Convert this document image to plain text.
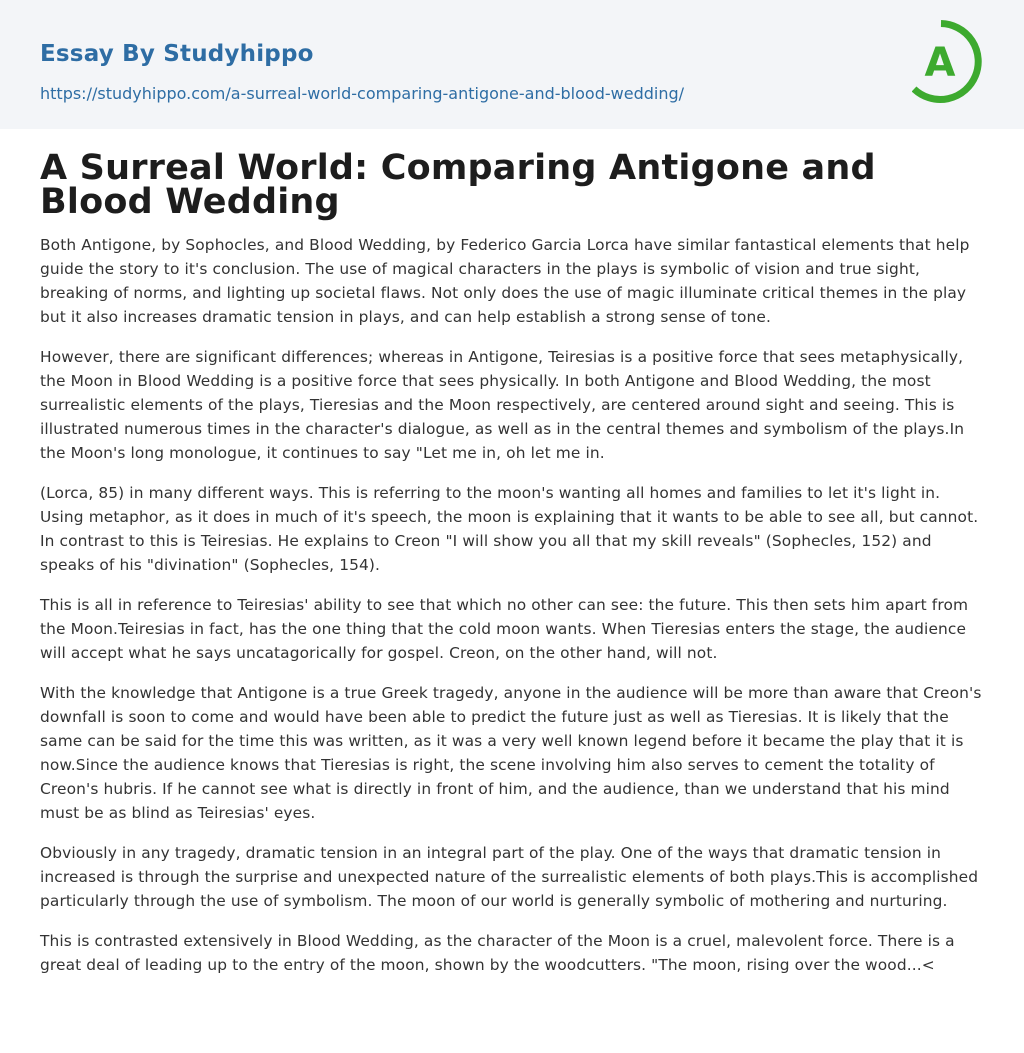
Essay By Studyhippo
https://studyhippo.com/a-surreal-world-comparing-antigone-and-blood-wedding/
A
A Surreal World: Comparing Antigone and Blood Wedding

Both Antigone, by Sophocles, and Blood Wedding, by Federico Garcia Lorca have similar fantastical elements that help guide the story to it's conclusion. The use of magical characters in the plays is symbolic of vision and true sight, breaking of norms, and lighting up societal flaws. Not only does the use of magic illuminate critical themes in the play but it also increases dramatic tension in plays, and can help establish a strong sense of tone.

However, there are significant differences; whereas in Antigone, Teiresias is a positive force that sees metaphysically, the Moon in Blood Wedding is a positive force that sees physically. In both Antigone and Blood Wedding, the most surrealistic elements of the plays, Tieresias and the Moon respectively, are centered around sight and seeing. This is illustrated numerous times in the character's dialogue, as well as in the central themes and symbolism of the plays.In the Moon's long monologue, it continues to say "Let me in, oh let me in.

(Lorca, 85) in many different ways. This is referring to the moon's wanting all homes and families to let it's light in. Using metaphor, as it does in much of it's speech, the moon is explaining that it wants to be able to see all, but cannot. In contrast to this is Teiresias. He explains to Creon "I will show you all that my skill reveals" (Sophecles, 152) and speaks of his "divination" (Sophecles, 154).

This is all in reference to Teiresias' ability to see that which no other can see: the future. This then sets him apart from the Moon.Teiresias in fact, has the one thing that the cold moon wants. When Tieresias enters the stage, the audience will accept what he says uncatagorically for gospel. Creon, on the other hand, will not.

With the knowledge that Antigone is a true Greek tragedy, anyone in the audience will be more than aware that Creon's downfall is soon to come and would have been able to predict the future just as well as Tieresias. It is likely that the same can be said for the time this was written, as it was a very well known legend before it became the play that it is now.Since the audience knows that Tieresias is right, the scene involving him also serves to cement the totality of Creon's hubris. If he cannot see what is directly in front of him, and the audience, than we understand that his mind must be as blind as Teiresias' eyes.

Obviously in any tragedy, dramatic tension in an integral part of the play. One of the ways that dramatic tension in increased is through the surprise and unexpected nature of the surrealistic elements of both plays.This is accomplished particularly through the use of symbolism. The moon of our world is generally symbolic of mothering and nurturing.

This is contrasted extensively in Blood Wedding, as the character of the Moon is a cruel, malevolent force. There is a great deal of leading up to the entry of the moon, shown by the woodcutters. "The moon, rising over the wood...<
